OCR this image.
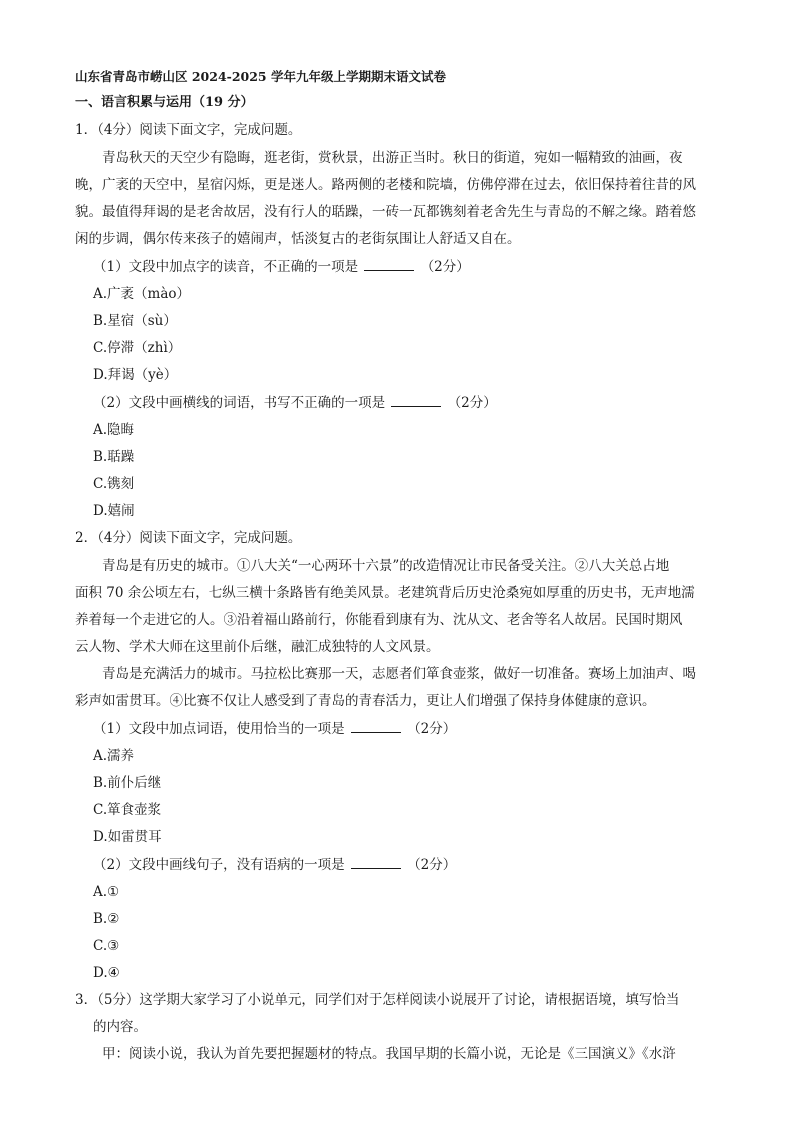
山东省青岛市崂山区 2024-2025 学年九年级上学期期末语文试卷
一、语言积累与运用（19 分）
1．（4分）阅读下面文字，完成问题。
青岛秋天的天空少有隐晦，逛老街，赏秋景，出游正当时。秋日的街道，宛如一幅精致的油画，夜
晚，广袤的天空中，星宿闪烁，更是迷人。路两侧的老楼和院墙，仿佛停滞在过去，依旧保持着往昔的风
貌。最值得拜谒的是老舍故居，没有行人的聒躁，一砖一瓦都镌刻着老舍先生与青岛的不解之缘。踏着悠
闲的步调，偶尔传来孩子的嬉闹声，恬淡复古的老街氛围让人舒适又自在。
（1）文段中加点字的读音，不正确的一项是	（2分）
A.广袤（mào）
B.星宿（sù）
C.停滞（zhì）
D.拜谒（yè）
（2）文段中画横线的词语，书写不正确的一项是	（2分）
A.隐晦
B.聒躁
C.镌刻
D.嬉闹
2．（4分）阅读下面文字，完成问题。
青岛是有历史的城市。①八大关“一心两环十六景”的改造情况让市民备受关注。②八大关总占地
面积 70 余公顷左右，七纵三横十条路皆有绝美风景。老建筑背后历史沧桑宛如厚重的历史书，无声地濡
养着每一个走进它的人。③沿着福山路前行，你能看到康有为、沈从文、老舍等名人故居。民国时期风
云人物、学术大师在这里前仆后继，融汇成独特的人文风景。
青岛是充满活力的城市。马拉松比赛那一天，志愿者们箪食壶浆，做好一切准备。赛场上加油声、喝
彩声如雷贯耳。④比赛不仅让人感受到了青岛的青春活力，更让人们增强了保持身体健康的意识。
（1）文段中加点词语，使用恰当的一项是	（2分）
A.濡养
B.前仆后继
C.箪食壶浆
D.如雷贯耳
（2）文段中画线句子，没有语病的一项是	（2分）
A.①
B.②
C.③
D.④
3．（5分）这学期大家学习了小说单元，同学们对于怎样阅读小说展开了讨论，请根据语境，填写恰当
的内容。
甲：阅读小说，我认为首先要把握题材的特点。我国早期的长篇小说，无论是《三国演义》《水浒
